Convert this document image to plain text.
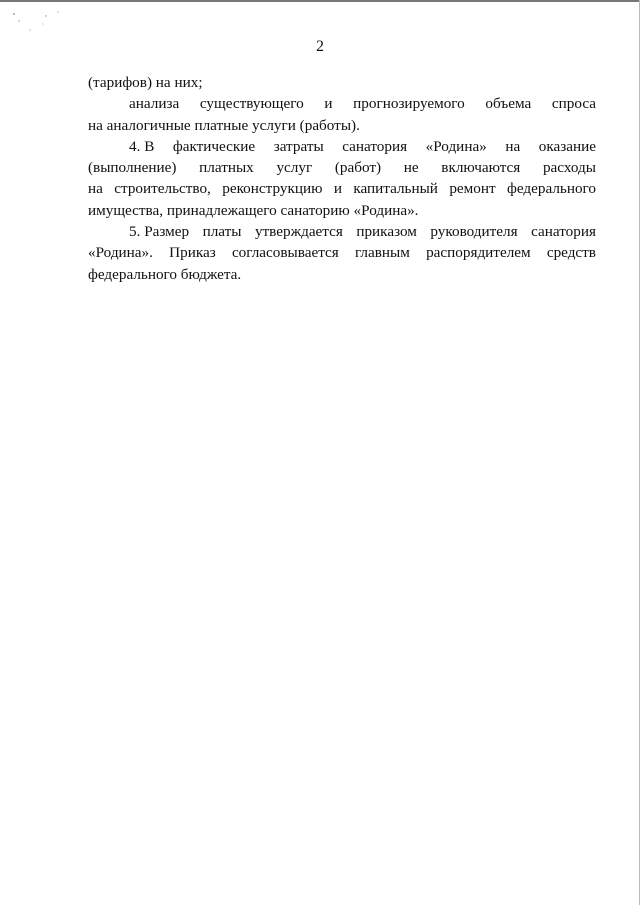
2
(тарифов) на них;
анализа существующего и прогнозируемого объема спроса
на аналогичные платные услуги (работы).
4. В фактические затраты санатория «Родина» на оказание
(выполнение) платных услуг (работ) не включаются расходы
на строительство, реконструкцию и капитальный ремонт федерального
имущества, принадлежащего санаторию «Родина».
5. Размер платы утверждается приказом руководителя санатория
«Родина». Приказ согласовывается главным распорядителем средств
федерального бюджета.
